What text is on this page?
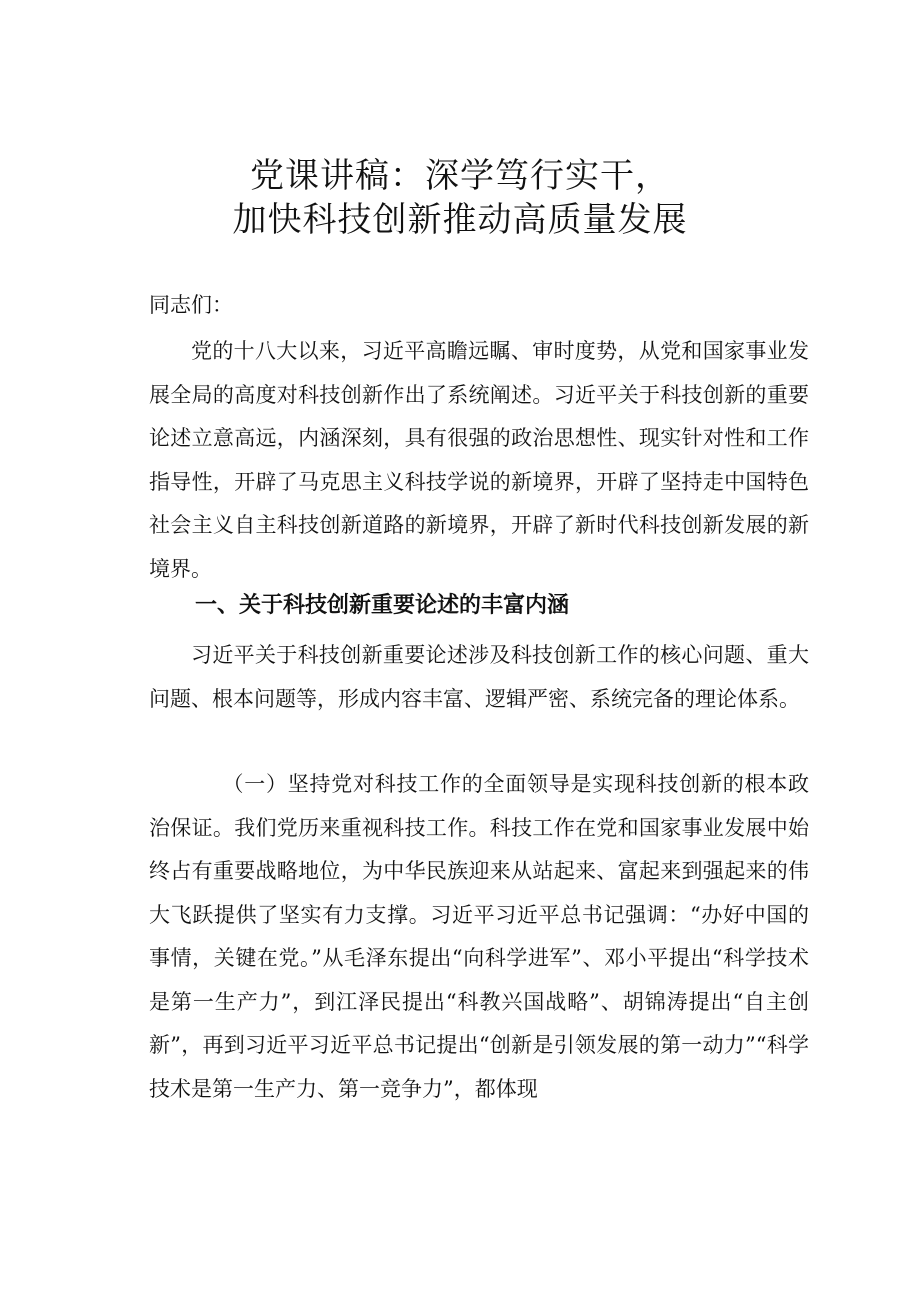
党课讲稿：深学笃行实干，
加快科技创新推动高质量发展
同志们：

党的十八大以来，习近平高瞻远瞩、审时度势，从党和国家事业发展全局的高度对科技创新作出了系统阐述。习近平关于科技创新的重要论述立意高远，内涵深刻，具有很强的政治思想性、现实针对性和工作指导性，开辟了马克思主义科技学说的新境界，开辟了坚持走中国特色社会主义自主科技创新道路的新境界，开辟了新时代科技创新发展的新境界。

一、关于科技创新重要论述的丰富内涵

习近平关于科技创新重要论述涉及科技创新工作的核心问题、重大问题、根本问题等，形成内容丰富、逻辑严密、系统完备的理论体系。

（一）坚持党对科技工作的全面领导是实现科技创新的根本政治保证。我们党历来重视科技工作。科技工作在党和国家事业发展中始终占有重要战略地位，为中华民族迎来从站起来、富起来到强起来的伟大飞跃提供了坚实有力支撑。习近平习近平总书记强调：“办好中国的事情，关键在党。”从毛泽东提出“向科学进军”、邓小平提出“科学技术是第一生产力”，到江泽民提出“科教兴国战略”、胡锦涛提出“自主创新”，再到习近平习近平总书记提出“创新是引领发展的第一动力”“科学技术是第一生产力、第一竞争力”，都体现
